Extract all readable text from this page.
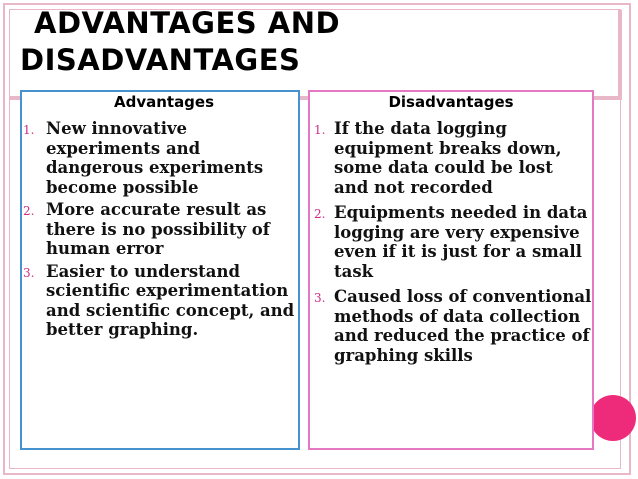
ADVANTAGES AND
DISADVANTAGES
Advantages
1. New innovative experiments and dangerous experiments become possible
2. More accurate result as there is no possibility of human error
3. Easier to understand scientific experimentation and scientific concept, and better graphing.
Disadvantages
1. If the data logging equipment breaks down, some data could be lost and not recorded
2. Equipments needed in data logging are very expensive even if it is just for a small task
3. Caused loss of conventional methods of data collection and reduced the practice of graphing skills
